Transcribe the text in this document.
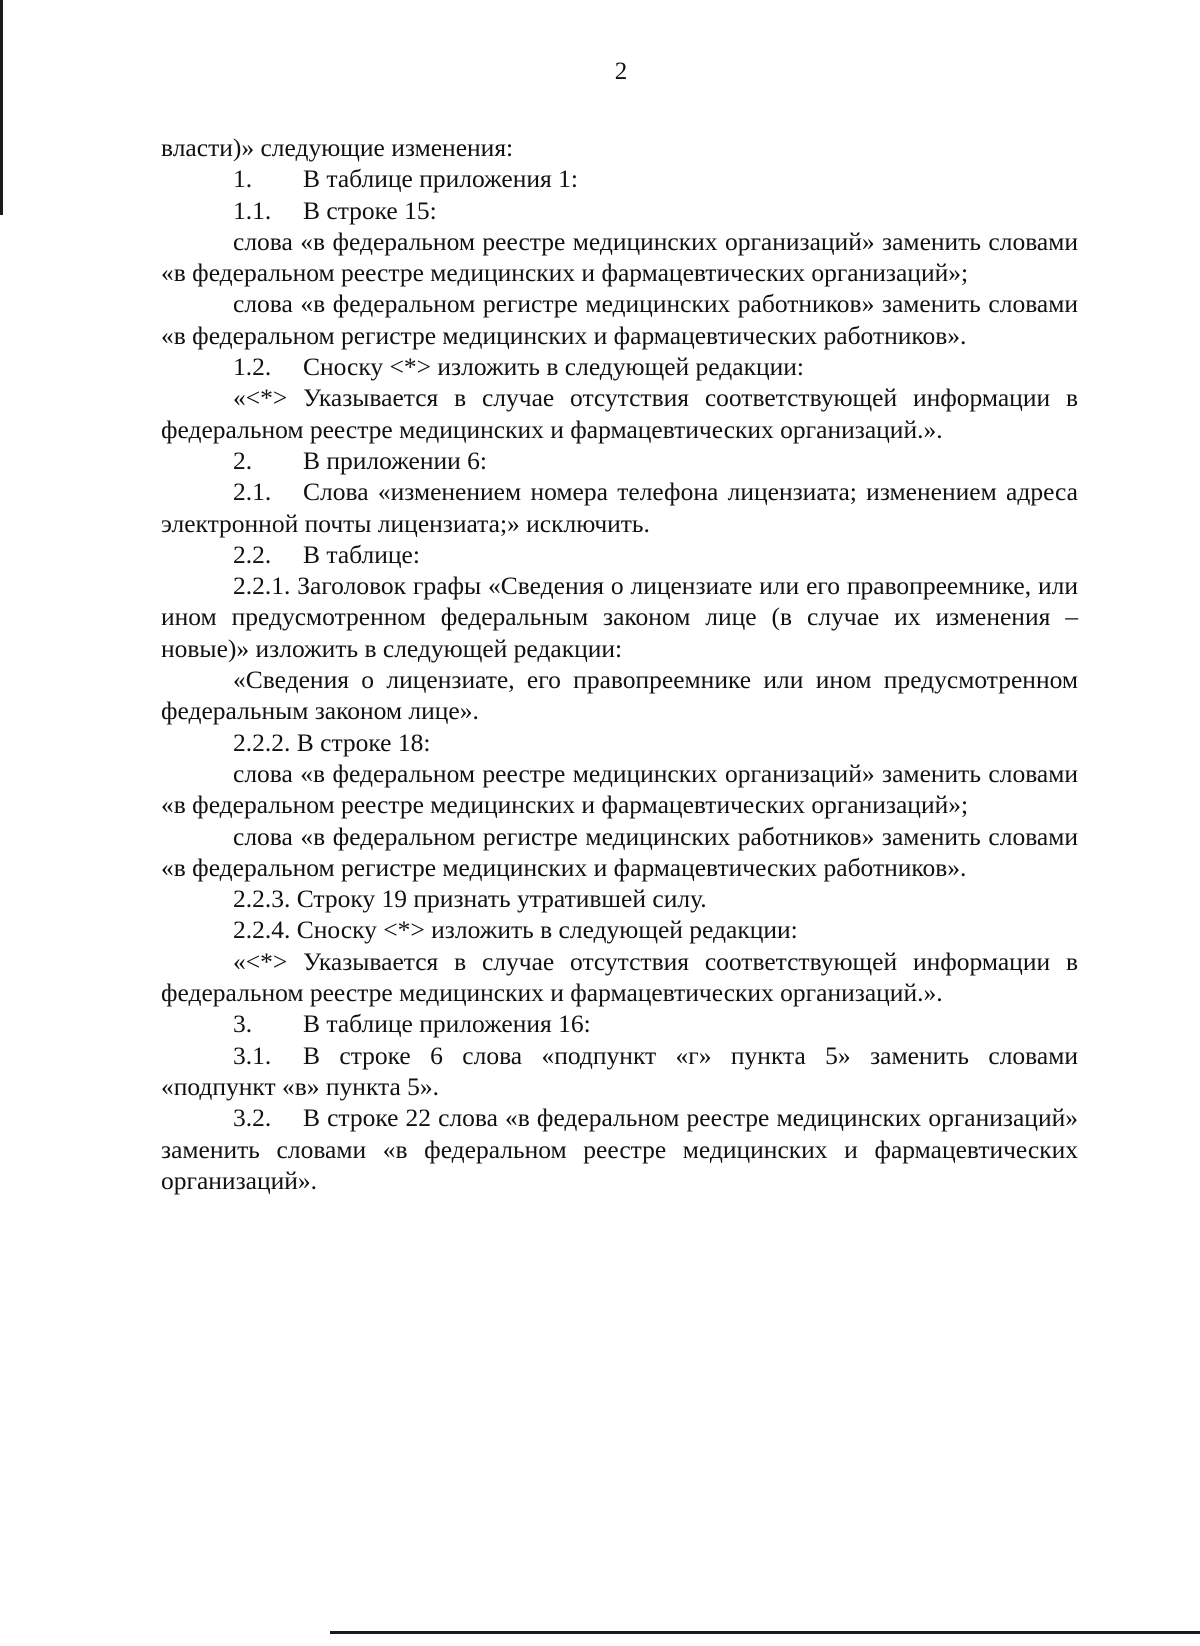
2

власти)» следующие изменения:

1. В таблице приложения 1:

1.1. В строке 15:

слова «в федеральном реестре медицинских организаций» заменить словами «в федеральном реестре медицинских и фармацевтических организаций»;

слова «в федеральном регистре медицинских работников» заменить словами «в федеральном регистре медицинских и фармацевтических работников».

1.2. Сноску <*> изложить в следующей редакции:

«<*> Указывается в случае отсутствия соответствующей информации в федеральном реестре медицинских и фармацевтических организаций.».

2. В приложении 6:

2.1. Слова «изменением номера телефона лицензиата; изменением адреса электронной почты лицензиата;» исключить.

2.2. В таблице:

2.2.1. Заголовок графы «Сведения о лицензиате или его правопреемнике, или ином предусмотренном федеральным законом лице (в случае их изменения – новые)» изложить в следующей редакции:

«Сведения о лицензиате, его правопреемнике или ином предусмотренном федеральным законом лице».

2.2.2. В строке 18:

слова «в федеральном реестре медицинских организаций» заменить словами «в федеральном реестре медицинских и фармацевтических организаций»;

слова «в федеральном регистре медицинских работников» заменить словами «в федеральном регистре медицинских и фармацевтических работников».

2.2.3. Строку 19 признать утратившей силу.

2.2.4. Сноску <*> изложить в следующей редакции:

«<*> Указывается в случае отсутствия соответствующей информации в федеральном реестре медицинских и фармацевтических организаций.».

3. В таблице приложения 16:

3.1. В строке 6 слова «подпункт «г» пункта 5» заменить словами «подпункт «в» пункта 5».

3.2. В строке 22 слова «в федеральном реестре медицинских организаций» заменить словами «в федеральном реестре медицинских и фармацевтических организаций».
